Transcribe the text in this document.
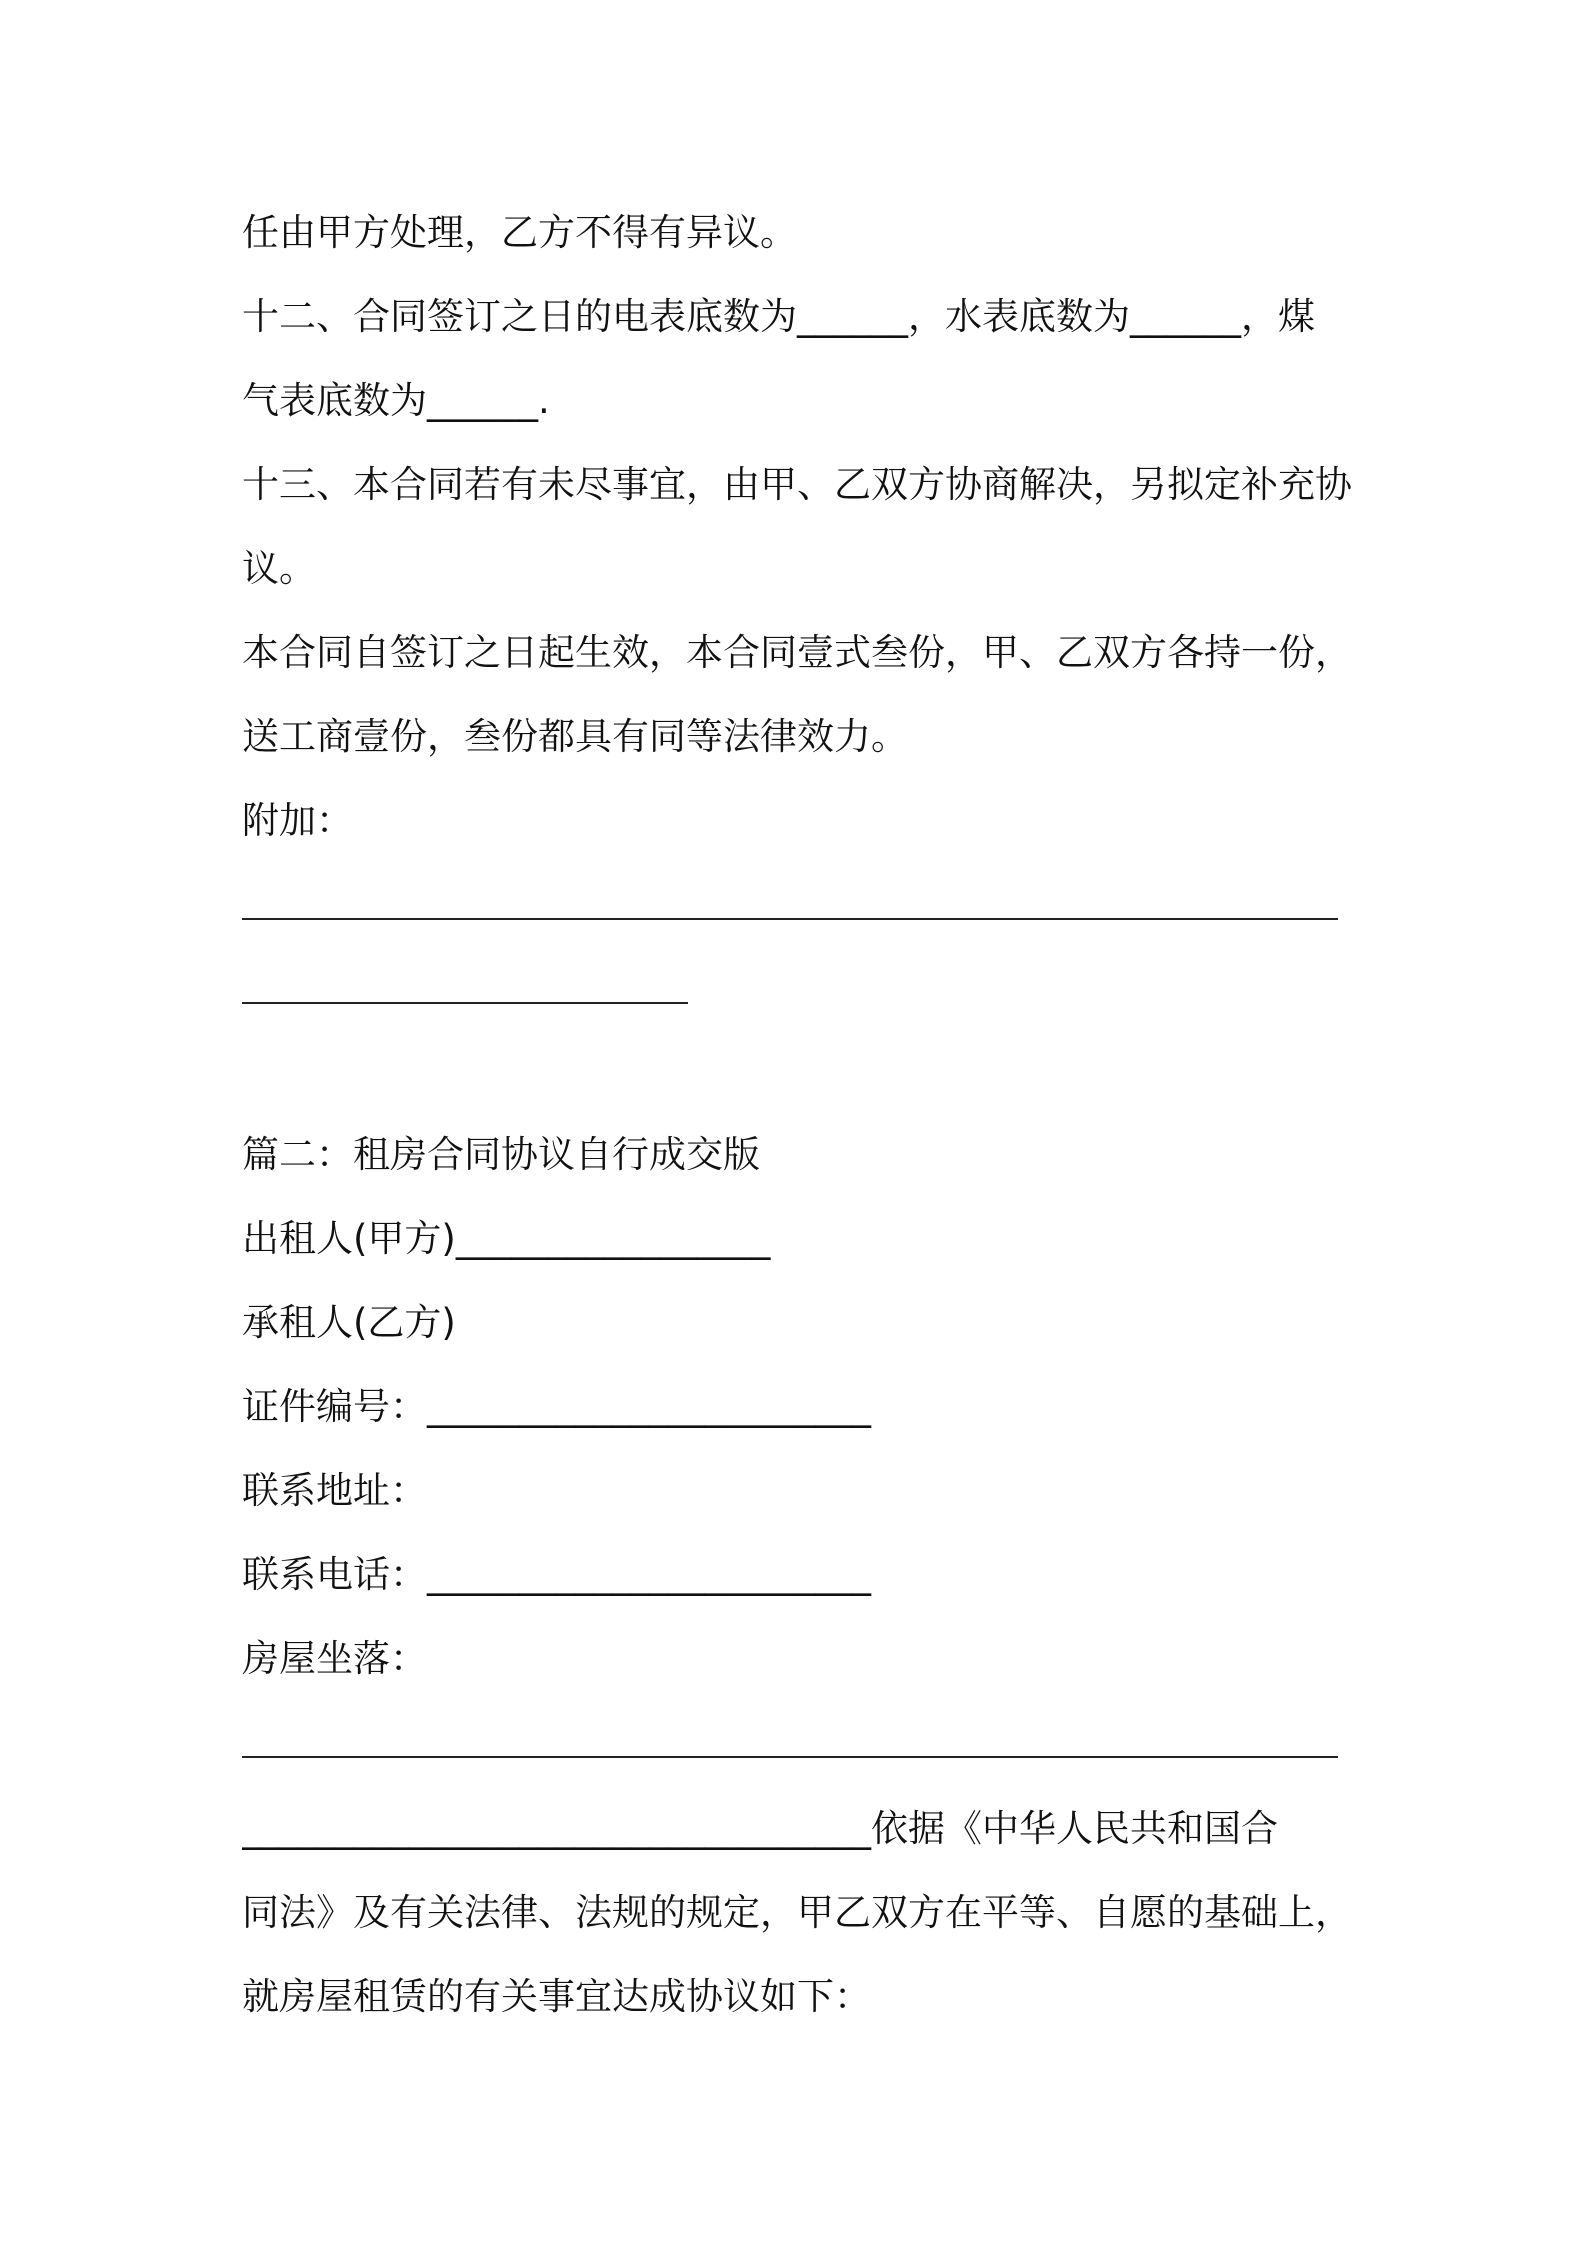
任由甲方处理，乙方不得有异议。
十二、合同签订之日的电表底数为______，水表底数为______，煤
气表底数为______.
十三、本合同若有未尽事宜，由甲、乙双方协商解决，另拟定补充协
议。
本合同自签订之日起生效，本合同壹式叁份，甲、乙双方各持一份，
送工商壹份，叁份都具有同等法律效力。
附加：
篇二：租房合同协议自行成交版
出租人(甲方)_________________
承租人(乙方)
证件编号：________________________
联系地址：
联系电话：________________________
房屋坐落：
__________________________________依据《中华人民共和国合
同法》及有关法律、法规的规定，甲乙双方在平等、自愿的基础上，
就房屋租赁的有关事宜达成协议如下：
